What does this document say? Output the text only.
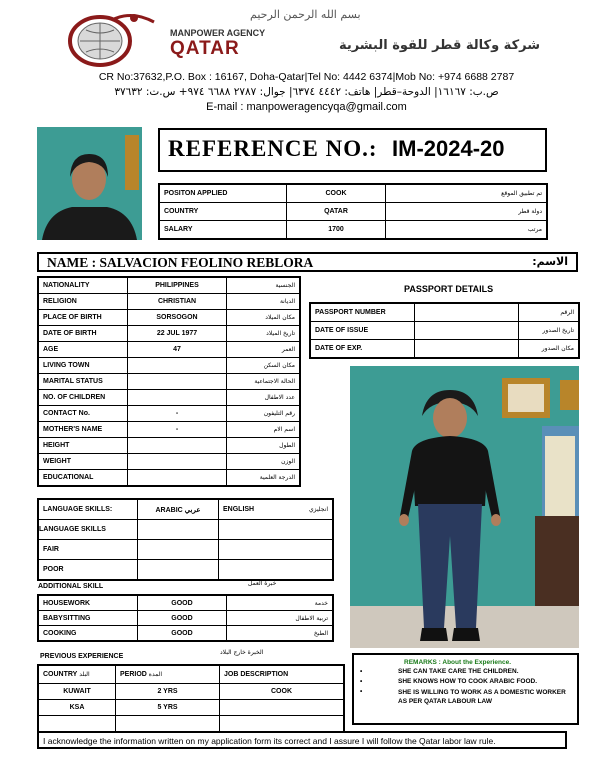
بسم الله الرحمن الرحيم
MANPOWER AGENCY
QATAR	شركة وكالة قطر للقوة البشرية
CR No:37632,P.O. Box : 16167, Doha-Qatar|Tel No: 4442 6374|Mob No: +974 6688 2787
ص.ب: ١٦١٦٧| الدوحة–قطر| هاتف: ٤٤٤٢ ٦٣٧٤| جوال: ٢٧٨٧ ٦٦٨٨ ٩٧٤+ س.ت: ٣٧٦٣٢
E-mail : manpoweragencyqa@gmail.com
REFERENCE NO.: IM-2024-20
POSITON APPLIED	COOK	تم تطبيق الموقع
COUNTRY	QATAR	دولة قطر
SALARY	1700	مرتب
NAME : SALVACION FEOLINO REBLORA	الاسم:
NATIONALITY	PHILIPPINES	الجنسية
RELIGION	CHRISTIAN	الديانة
PLACE OF BIRTH	SORSOGON	مكان الميلاد
DATE OF BIRTH	22 JUL 1977	تاريخ الميلاد
AGE	47	العمر
LIVING TOWN		مكان السكن
MARITAL STATUS		الحالة الاجتماعية
NO. OF CHILDREN		عدد الاطفال
CONTACT No.	-	رقم التليفون
MOTHER'S NAME	-	اسم الام
HEIGHT		الطول
WEIGHT		الوزن
EDUCATIONAL		الدرجة العلمية
PASSPORT DETAILS
PASSPORT NUMBER		الرقم
DATE OF ISSUE		تاريخ الصدور
DATE OF EXP.		مكان الصدور
LANGUAGE SKILLS:	ARABIC عربي	ENGLISH	انجليزي
LANGUAGE SKILLS			
FAIR			
POOR			
ADDITIONAL SKILL	خبرة العمل
HOUSEWORK	GOOD	خدمة
BABYSITTING	GOOD	تربية الاطفال
COOKING	GOOD	الطبخ
PREVIOUS EXPERIENCE
الخبرة خارج البلاد
COUNTRY البلد	PERIOD المدة	JOB DESCRIPTION
KUWAIT	2 YRS	COOK
KSA	5 YRS	

REMARKS : About the Experience.
•	SHE CAN TAKE CARE THE CHILDREN.
•	SHE KNOWS HOW TO COOK ARABIC FOOD.
•	SHE IS WILLING TO WORK AS A DOMESTIC WORKER AS PER QATAR LABOUR LAW
I acknowledge the information written on my application form its correct and I assure I will follow the Qatar labor law rule.
